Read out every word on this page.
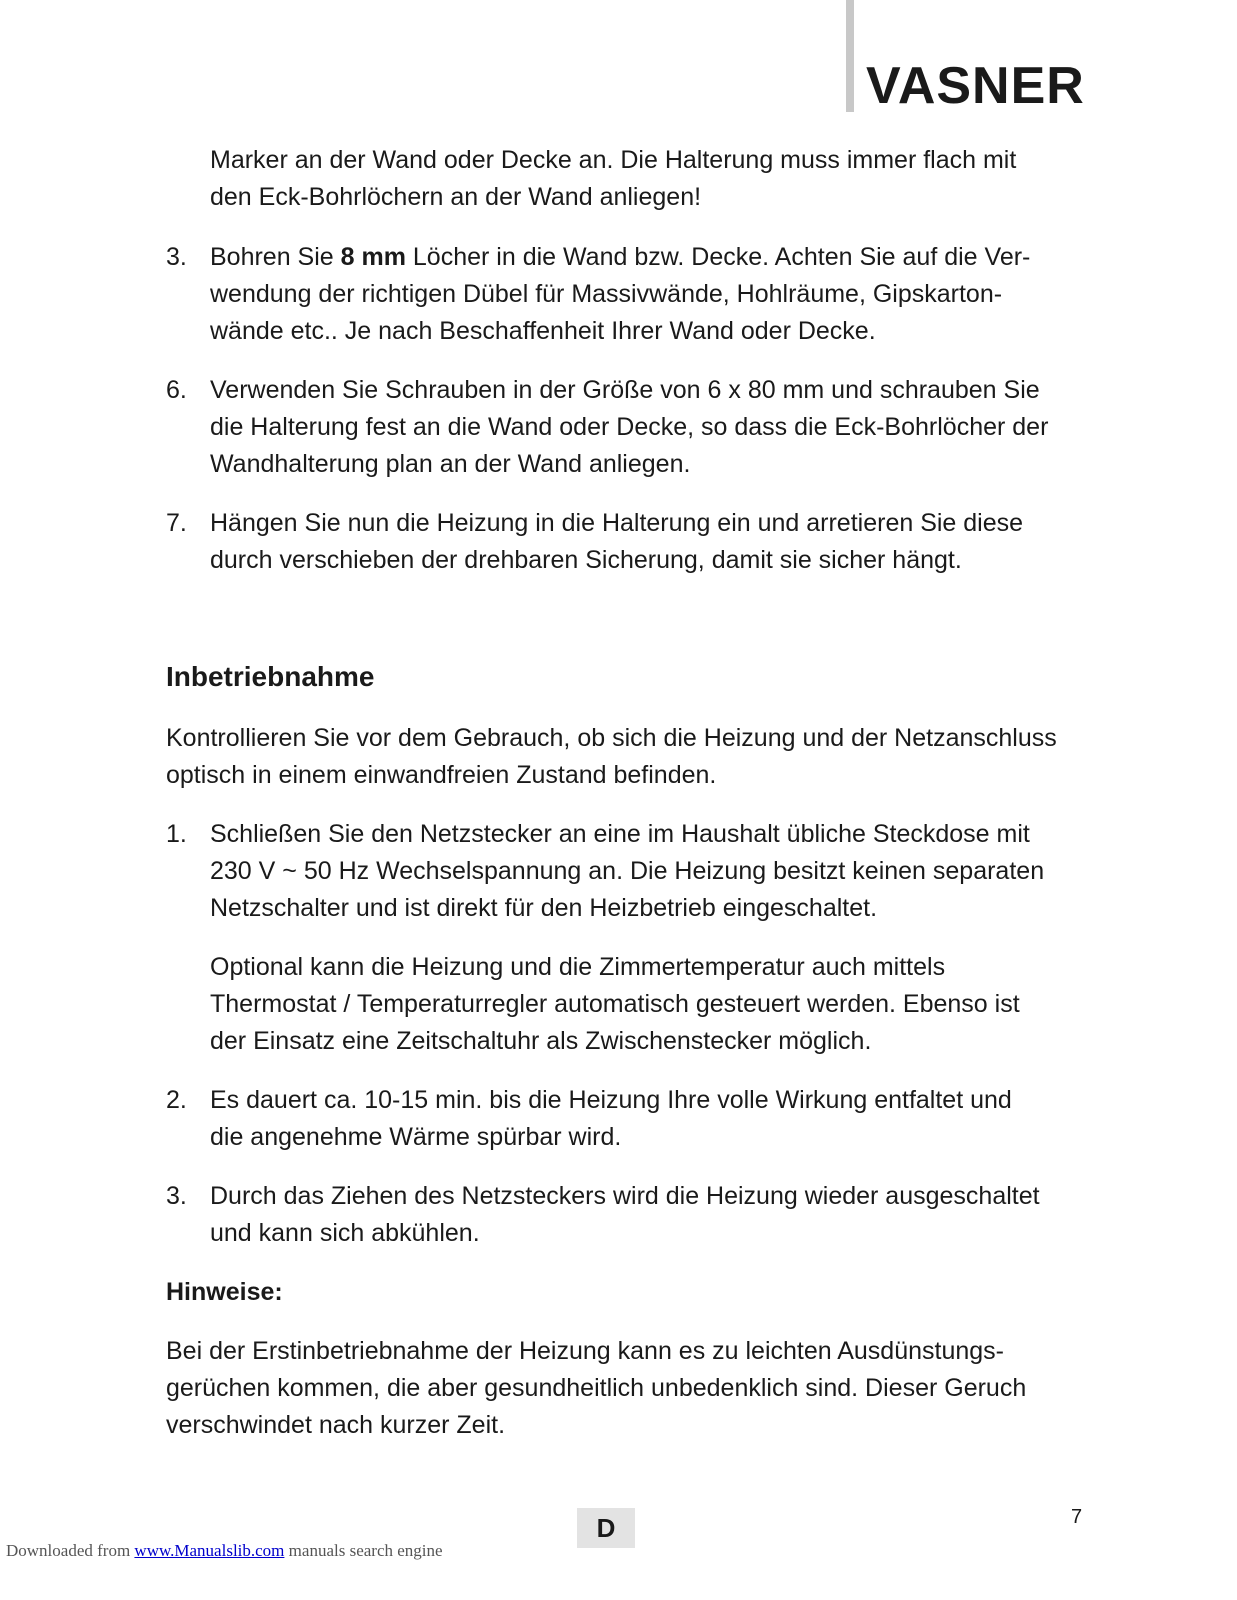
VASNER
Marker an der Wand oder Decke an. Die Halterung muss immer flach mit
den Eck-Bohrlöchern an der Wand anliegen!
3. Bohren Sie 8 mm Löcher in die Wand bzw. Decke. Achten Sie auf die Ver-
wendung der richtigen Dübel für Massivwände, Hohlräume, Gipskarton-
wände etc.. Je nach Beschaffenheit Ihrer Wand oder Decke.
6. Verwenden Sie Schrauben in der Größe von 6 x 80 mm und schrauben Sie
die Halterung fest an die Wand oder Decke, so dass die Eck-Bohrlöcher der
Wandhalterung plan an der Wand anliegen.
7. Hängen Sie nun die Heizung in die Halterung ein und arretieren Sie diese
durch verschieben der drehbaren Sicherung, damit sie sicher hängt.
Inbetriebnahme
Kontrollieren Sie vor dem Gebrauch, ob sich die Heizung und der Netzanschluss
optisch in einem einwandfreien Zustand befinden.
1. Schließen Sie den Netzstecker an eine im Haushalt übliche Steckdose mit
230 V ~ 50 Hz Wechselspannung an. Die Heizung besitzt keinen separaten
Netzschalter und ist direkt für den Heizbetrieb eingeschaltet.
Optional kann die Heizung und die Zimmertemperatur auch mittels
Thermostat / Temperaturregler automatisch gesteuert werden. Ebenso ist
der Einsatz eine Zeitschaltuhr als Zwischenstecker möglich.
2. Es dauert ca. 10-15 min. bis die Heizung Ihre volle Wirkung entfaltet und
die angenehme Wärme spürbar wird.
3. Durch das Ziehen des Netzsteckers wird die Heizung wieder ausgeschaltet
und kann sich abkühlen.
Hinweise:
Bei der Erstinbetriebnahme der Heizung kann es zu leichten Ausdünstungs-
gerüchen kommen, die aber gesundheitlich unbedenklich sind. Dieser Geruch
verschwindet nach kurzer Zeit.
D	7
Downloaded from www.Manualslib.com manuals search engine
